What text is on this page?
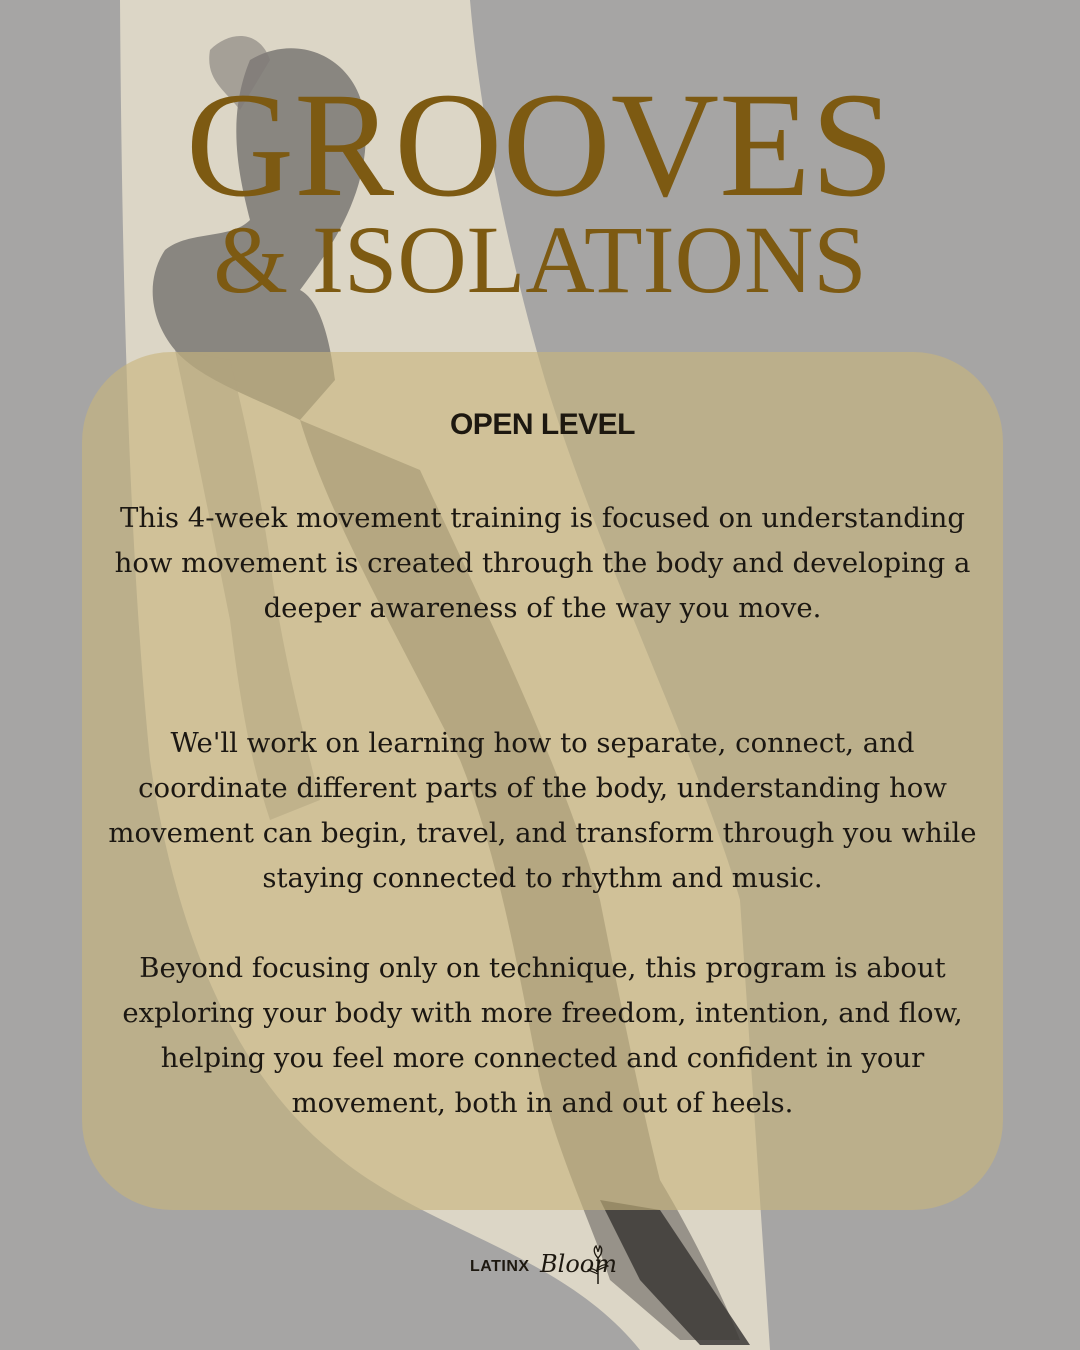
GROOVES
& ISOLATIONS
OPEN LEVEL

This 4-week movement training is focused on understanding how movement is created through the body and developing a deeper awareness of the way you move.

We'll work on learning how to separate, connect, and coordinate different parts of the body, understanding how movement can begin, travel, and transform through you while staying connected to rhythm and music.

Beyond focusing only on technique, this program is about exploring your body with more freedom, intention, and flow, helping you feel more connected and confident in your movement, both in and out of heels.

LATINX Bloom
